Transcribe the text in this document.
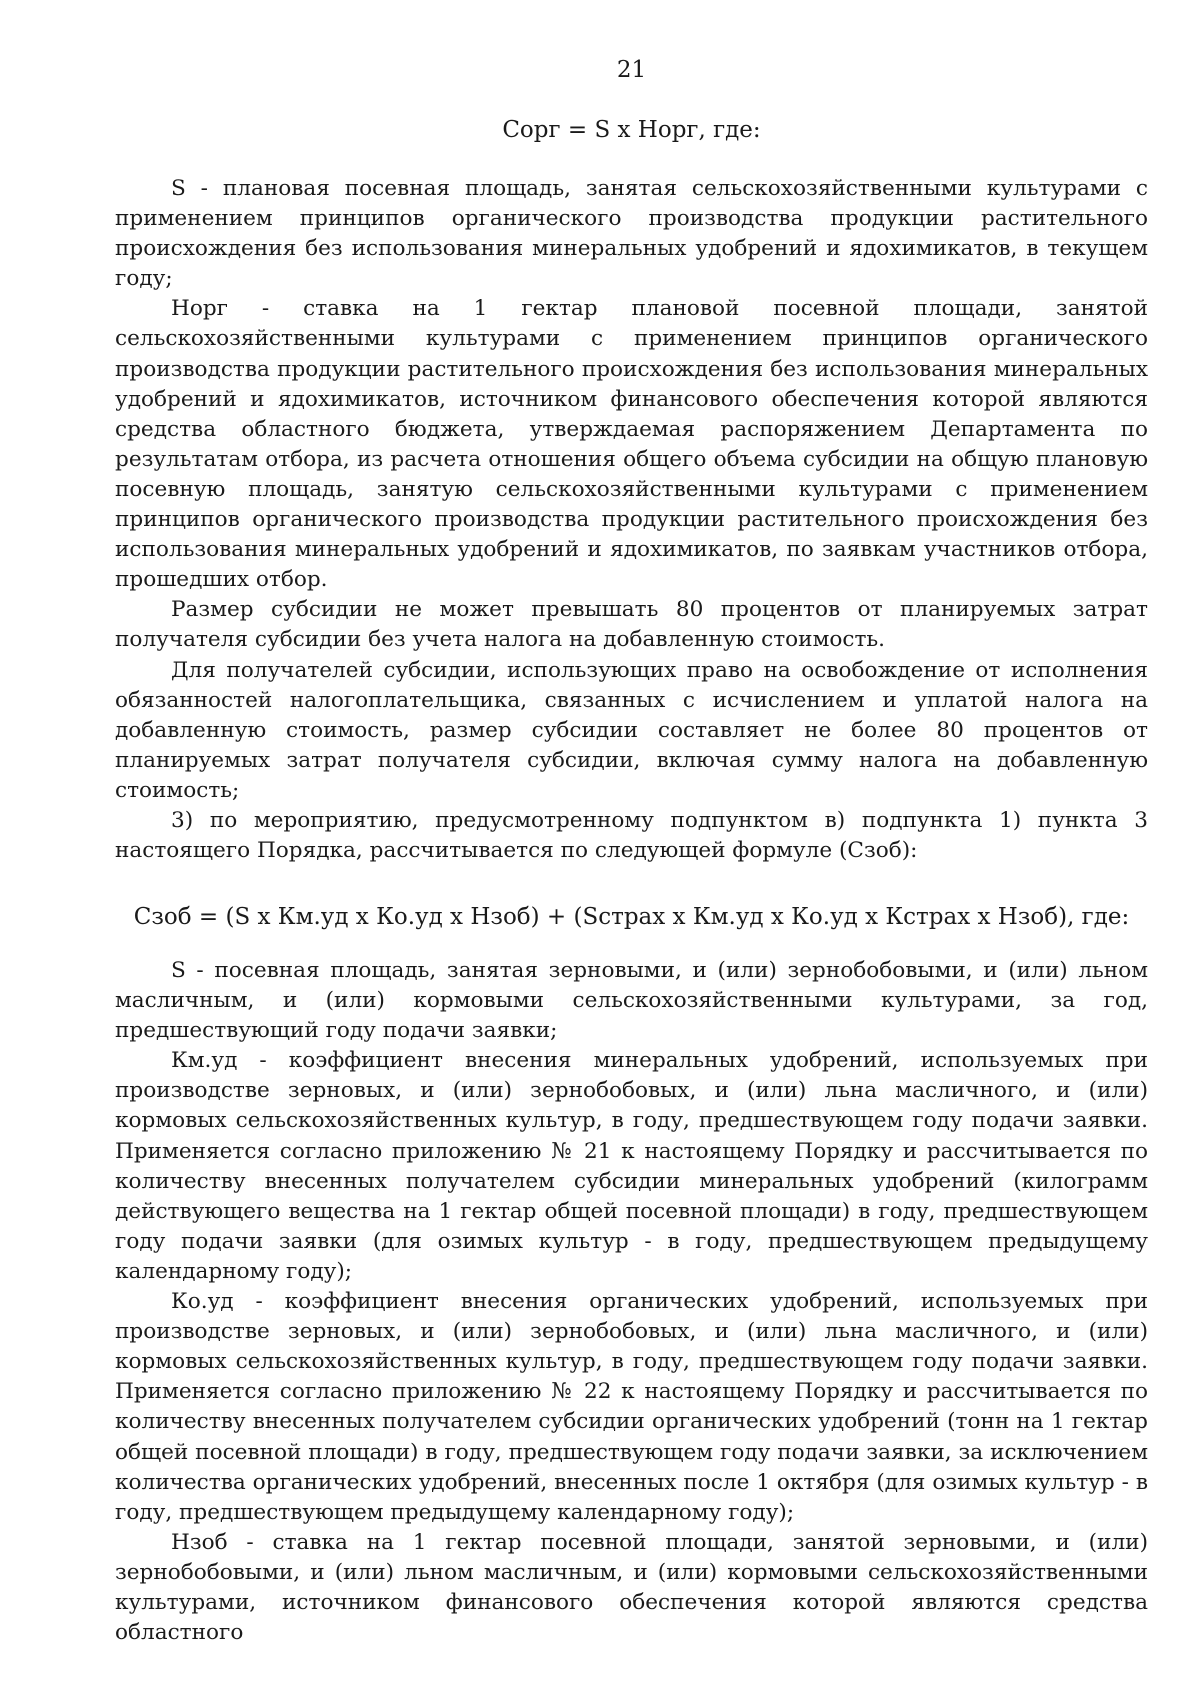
21
Сорг = S х Норг, где:

S - плановая посевная площадь, занятая сельскохозяйственными культурами с применением принципов органического производства продукции растительного происхождения без использования минеральных удобрений и ядохимикатов, в текущем году;

Норг - ставка на 1 гектар плановой посевной площади, занятой сельскохозяйственными культурами с применением принципов органического производства продукции растительного происхождения без использования минеральных удобрений и ядохимикатов, источником финансового обеспечения которой являются средства областного бюджета, утверждаемая распоряжением Департамента по результатам отбора, из расчета отношения общего объема субсидии на общую плановую посевную площадь, занятую сельскохозяйственными культурами с применением принципов органического производства продукции растительного происхождения без использования минеральных удобрений и ядохимикатов, по заявкам участников отбора, прошедших отбор.

Размер субсидии не может превышать 80 процентов от планируемых затрат получателя субсидии без учета налога на добавленную стоимость.

Для получателей субсидии, использующих право на освобождение от исполнения обязанностей налогоплательщика, связанных с исчислением и уплатой налога на добавленную стоимость, размер субсидии составляет не более 80 процентов от планируемых затрат получателя субсидии, включая сумму налога на добавленную стоимость;

3) по мероприятию, предусмотренному подпунктом в) подпункта 1) пункта 3 настоящего Порядка, рассчитывается по следующей формуле (Сзоб):

Сзоб = (S х Км.уд х Ко.уд х Нзоб) + (Sстрах х Км.уд х Ко.уд х Кстрах х Нзоб), где:

S - посевная площадь, занятая зерновыми, и (или) зернобобовыми, и (или) льном масличным, и (или) кормовыми сельскохозяйственными культурами, за год, предшествующий году подачи заявки;

Км.уд - коэффициент внесения минеральных удобрений, используемых при производстве зерновых, и (или) зернобобовых, и (или) льна масличного, и (или) кормовых сельскохозяйственных культур, в году, предшествующем году подачи заявки. Применяется согласно приложению № 21 к настоящему Порядку и рассчитывается по количеству внесенных получателем субсидии минеральных удобрений (килограмм действующего вещества на 1 гектар общей посевной площади) в году, предшествующем году подачи заявки (для озимых культур - в году, предшествующем предыдущему календарному году);

Ко.уд - коэффициент внесения органических удобрений, используемых при производстве зерновых, и (или) зернобобовых, и (или) льна масличного, и (или) кормовых сельскохозяйственных культур, в году, предшествующем году подачи заявки. Применяется согласно приложению № 22 к настоящему Порядку и рассчитывается по количеству внесенных получателем субсидии органических удобрений (тонн на 1 гектар общей посевной площади) в году, предшествующем году подачи заявки, за исключением количества органических удобрений, внесенных после 1 октября (для озимых культур - в году, предшествующем предыдущему календарному году);

Нзоб - ставка на 1 гектар посевной площади, занятой зерновыми, и (или) зернобобовыми, и (или) льном масличным, и (или) кормовыми сельскохозяйственными культурами, источником финансового обеспечения которой являются средства областного
